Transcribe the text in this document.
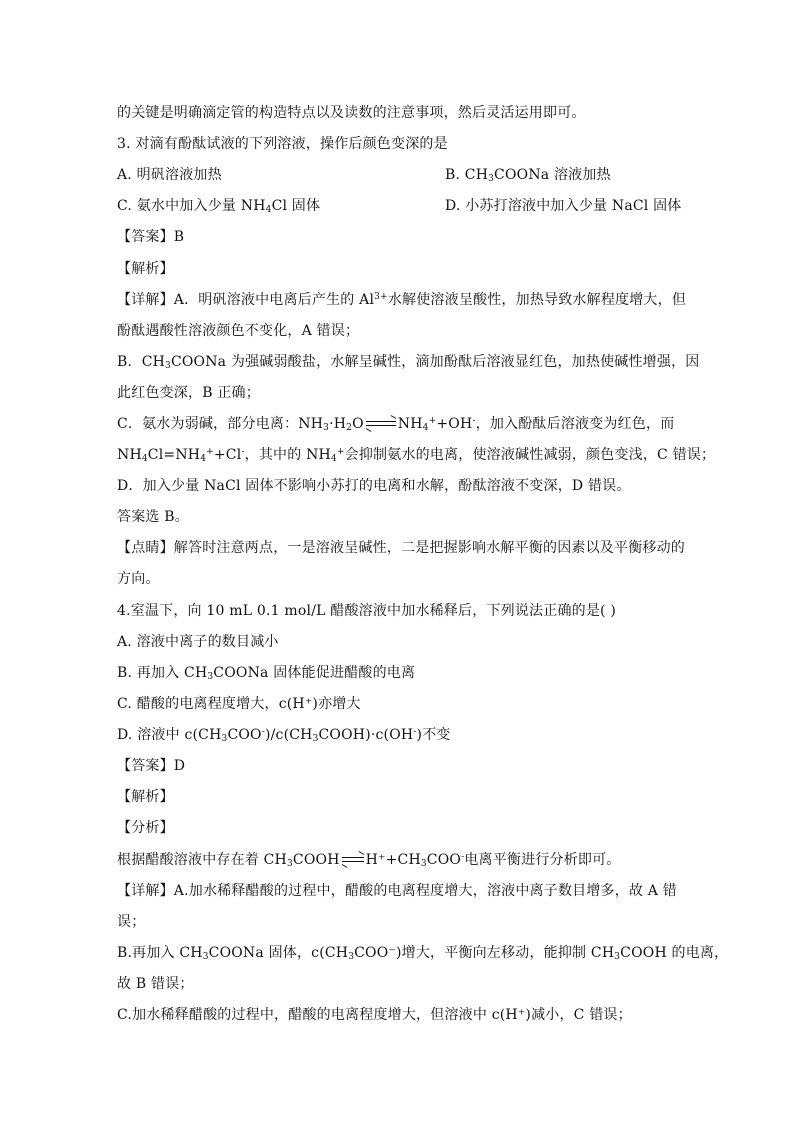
的关键是明确滴定管的构造特点以及读数的注意事项，然后灵活运用即可。
3. 对滴有酚酞试液的下列溶液，操作后颜色变深的是
A. 明矾溶液加热	B. $CH_3COONa$ 溶液加热
C. 氨水中加入少量 $NH_4Cl$ 固体	D. 小苏打溶液中加入少量 NaCl 固体
【答案】B
【解析】
【详解】A．明矾溶液中电离后产生的 $Al^{3+}$水解使溶液呈酸性，加热导致水解程度增大，但
酚酞遇酸性溶液颜色不变化，A 错误；
B．$CH_3COONa$ 为强碱弱酸盐，水解呈碱性，滴加酚酞后溶液显红色，加热使碱性增强，因
此红色变深，B 正确；
C．氨水为弱碱，部分电离：$NH_3\cdot H_2O$ $NH_4^++OH^-$，加入酚酞后溶液变为红色，而
$NH_4Cl=NH_4^++Cl^-$，其中的 $NH_4^+$会抑制氨水的电离，使溶液碱性减弱，颜色变浅，C 错误；
D．加入少量 NaCl 固体不影响小苏打的电离和水解，酚酞溶液不变深，D 错误。
答案选 B。
【点睛】解答时注意两点，一是溶液呈碱性，二是把握影响水解平衡的因素以及平衡移动的
方向。
4.室温下，向 10 mL 0.1 mol/L 醋酸溶液中加水稀释后，下列说法正确的是( )
A. 溶液中离子的数目减小
B. 再加入 $CH_3COONa$ 固体能促进醋酸的电离
C. 醋酸的电离程度增大，c(H⁺)亦增大
D. 溶液中 $c(CH_3COO^-)/c(CH_3COOH)\cdot c(OH^-)$不变
【答案】D
【解析】
【分析】
根据醋酸溶液中存在着 $CH_3COOH$ $H^++CH_3COO^-$电离平衡进行分析即可。
【详解】A.加水稀释醋酸的过程中，醋酸的电离程度增大，溶液中离子数目增多，故 A 错
误；
B.再加入 $CH_3COONa$ 固体，$c(CH_3COO^-)$增大，平衡向左移动，能抑制 $CH_3COOH$ 的电离，
故 B 错误；
C.加水稀释醋酸的过程中，醋酸的电离程度增大，但溶液中 c(H⁺)减小，C 错误；
